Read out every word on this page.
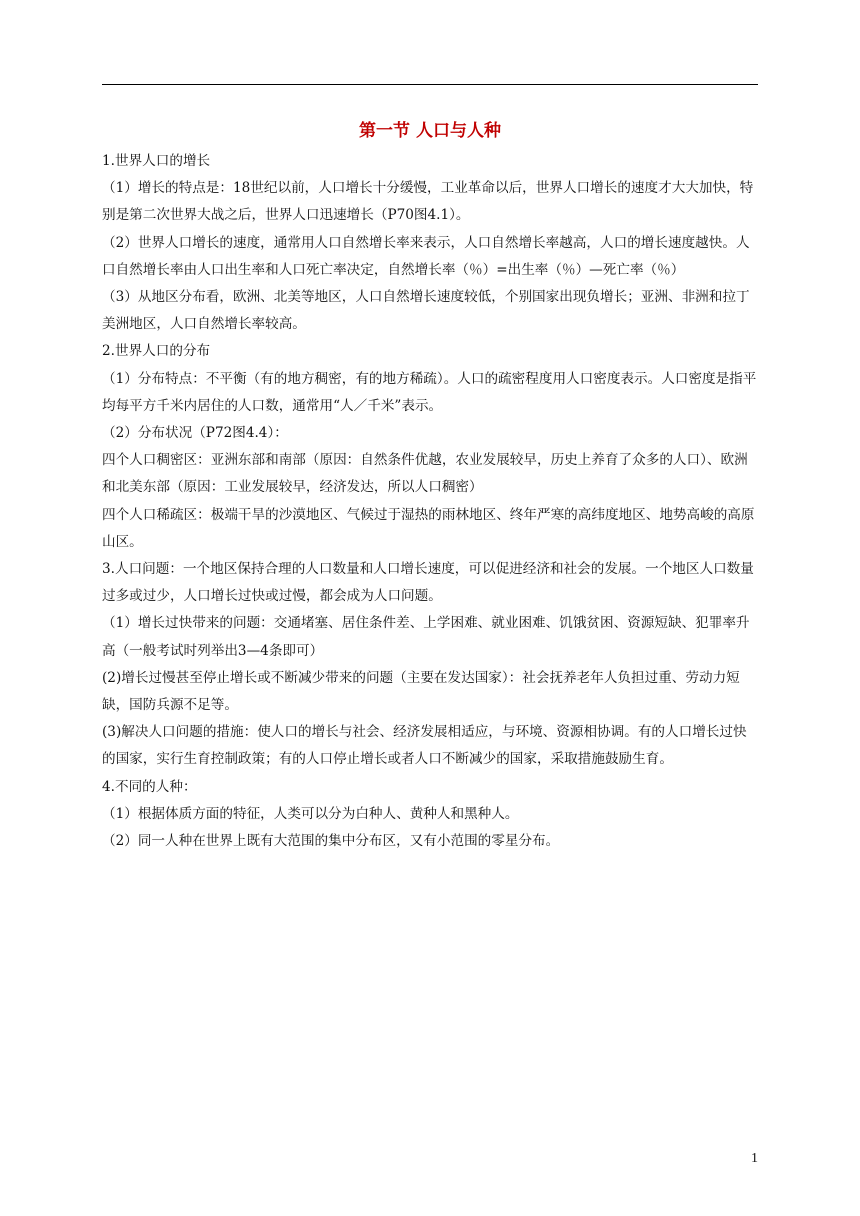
第一节 人口与人种

1.世界人口的增长

（1）增长的特点是：18世纪以前，人口增长十分缓慢，工业革命以后，世界人口增长的速度才大大加快，特别是第二次世界大战之后，世界人口迅速增长（P70图4.1）。

（2）世界人口增长的速度，通常用人口自然增长率来表示，人口自然增长率越高，人口的增长速度越快。人口自然增长率由人口出生率和人口死亡率决定，自然增长率（％）=出生率（％）—死亡率（％）

（3）从地区分布看，欧洲、北美等地区，人口自然增长速度较低，个别国家出现负增长；亚洲、非洲和拉丁美洲地区，人口自然增长率较高。

2.世界人口的分布

（1）分布特点：不平衡（有的地方稠密，有的地方稀疏）。人口的疏密程度用人口密度表示。人口密度是指平均每平方千米内居住的人口数，通常用“人／千米”表示。

（2）分布状况（P72图4.4）：

四个人口稠密区：亚洲东部和南部（原因：自然条件优越，农业发展较早，历史上养育了众多的人口）、欧洲和北美东部（原因：工业发展较早，经济发达，所以人口稠密）

四个人口稀疏区：极端干旱的沙漠地区、气候过于湿热的雨林地区、终年严寒的高纬度地区、地势高峻的高原山区。

3.人口问题：一个地区保持合理的人口数量和人口增长速度，可以促进经济和社会的发展。一个地区人口数量过多或过少，人口增长过快或过慢，都会成为人口问题。

（1）增长过快带来的问题：交通堵塞、居住条件差、上学困难、就业困难、饥饿贫困、资源短缺、犯罪率升高（一般考试时列举出3—4条即可）

(2)增长过慢甚至停止增长或不断减少带来的问题（主要在发达国家）：社会抚养老年人负担过重、劳动力短缺，国防兵源不足等。

(3)解决人口问题的措施：使人口的增长与社会、经济发展相适应，与环境、资源相协调。有的人口增长过快的国家，实行生育控制政策；有的人口停止增长或者人口不断减少的国家，采取措施鼓励生育。

4.不同的人种：

（1）根据体质方面的特征，人类可以分为白种人、黄种人和黑种人。

（2）同一人种在世界上既有大范围的集中分布区，又有小范围的零星分布。

1
